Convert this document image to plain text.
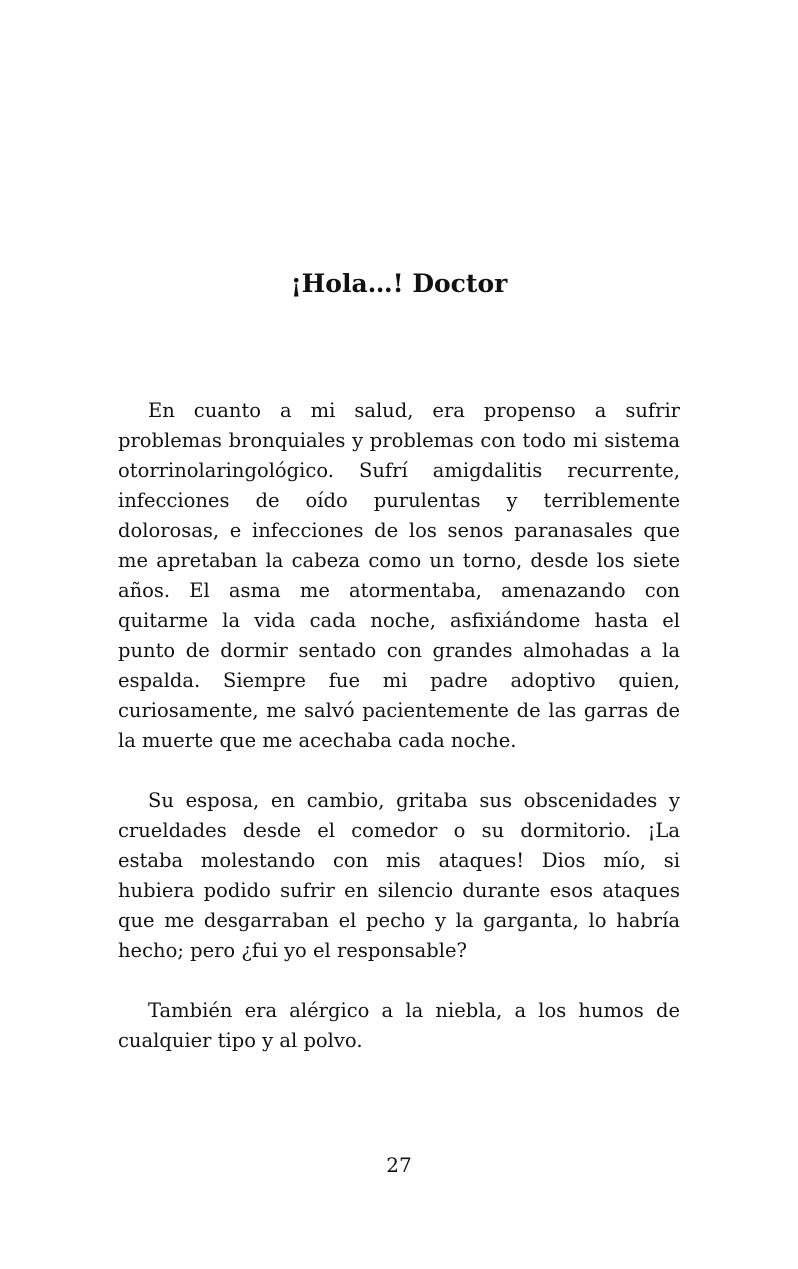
¡Hola…! Doctor

En cuanto a mi salud, era propenso a sufrir problemas bronquiales y problemas con todo mi sistema otorrinolaringológico. Sufrí amigdalitis recurrente, infecciones de oído purulentas y terriblemente dolorosas, e infecciones de los senos paranasales que me apretaban la cabeza como un torno, desde los siete años. El asma me atormentaba, amenazando con quitarme la vida cada noche, asfixiándome hasta el punto de dormir sentado con grandes almohadas a la espalda. Siempre fue mi padre adoptivo quien, curiosamente, me salvó pacientemente de las garras de la muerte que me acechaba cada noche.

Su esposa, en cambio, gritaba sus obscenidades y crueldades desde el comedor o su dormitorio. ¡La estaba molestando con mis ataques! Dios mío, si hubiera podido sufrir en silencio durante esos ataques que me desgarraban el pecho y la garganta, lo habría hecho; pero ¿fui yo el responsable?

También era alérgico a la niebla, a los humos de cualquier tipo y al polvo.

27
